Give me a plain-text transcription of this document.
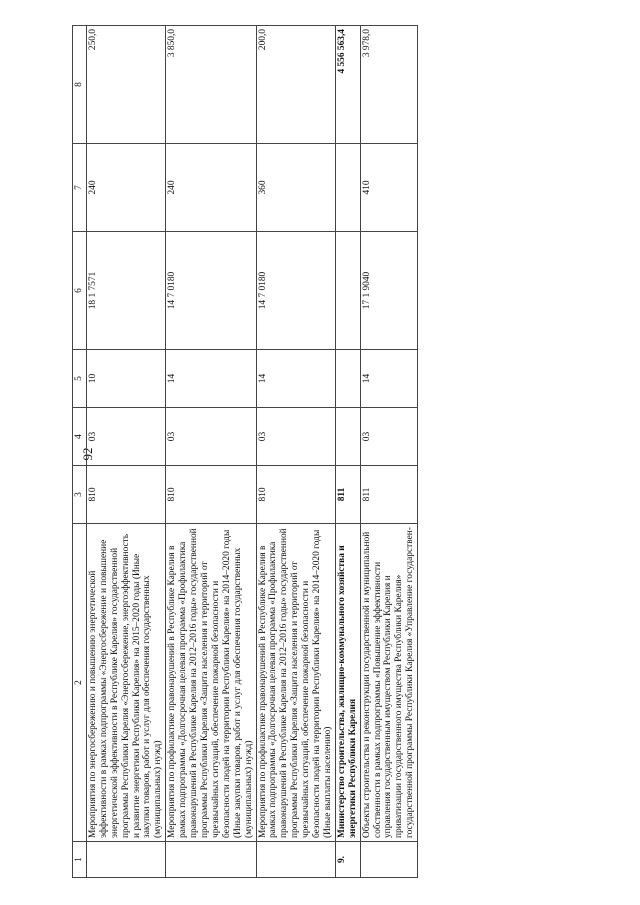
92
1	2	3	4	5	6	7	8
	Мероприятия по энергосбережению и повышению энергетической эффективности в рамках подпрограммы «Энергосбережение и повышение энергетической эффективности в Республике Карелия» государственной программы Республики Карелия «Энергосбережение, энергоэффективность и развитие энергетики Республики Карелия» на 2015–2020 годы (Иные закупки товаров, работ и услуг для обеспечения государственных (муниципальных) нужд)	810	03	10	18 1 7571	240	250,0
	Мероприятия по профилактике правонарушений в Республике Карелия в рамках подпрограммы «Долгосрочная целевая программа «Профилактика правонарушений в Республике Карелия на 2012–2016 годы» государственной программы Республики Карелия «Защита населения и территорий от чрезвычайных ситуаций, обеспечение пожарной безопасности и безопасности людей на территории Республики Карелия» на 2014–2020 годы (Иные закупки товаров, работ и услуг для обеспечения государственных (муниципальных) нужд)	810	03	14	14 7 0180	240	3 850,0
	Мероприятия по профилактике правонарушений в Республике Карелия в рамках подпрограммы «Долгосрочная целевая программа «Профилактика правонарушений в Республике Карелия на 2012–2016 годы» государственной программы Республики Карелия «Защита населения и территорий от чрезвычайных ситуаций, обеспечение пожарной безопасности и безопасности людей на территории Республики Карелия» на 2014–2020 годы (Иные выплаты населению)	810	03	14	14 7 0180	360	200,0
9.	Министерство строительства, жилищно-коммунального хозяйства и энергетики Республики Карелия	811					4 556 563,4
	Объекты строительства и реконструкции государственной и муниципальной собственности в рамках подпрограммы «Повышение эффективности управления государственным имуществом Республики Карелия и приватизации государственного имущества Республики Карелия» государственной программы Республики Карелия «Управление государствен-	811	03	14	17 1 9040	410	3 978,0
